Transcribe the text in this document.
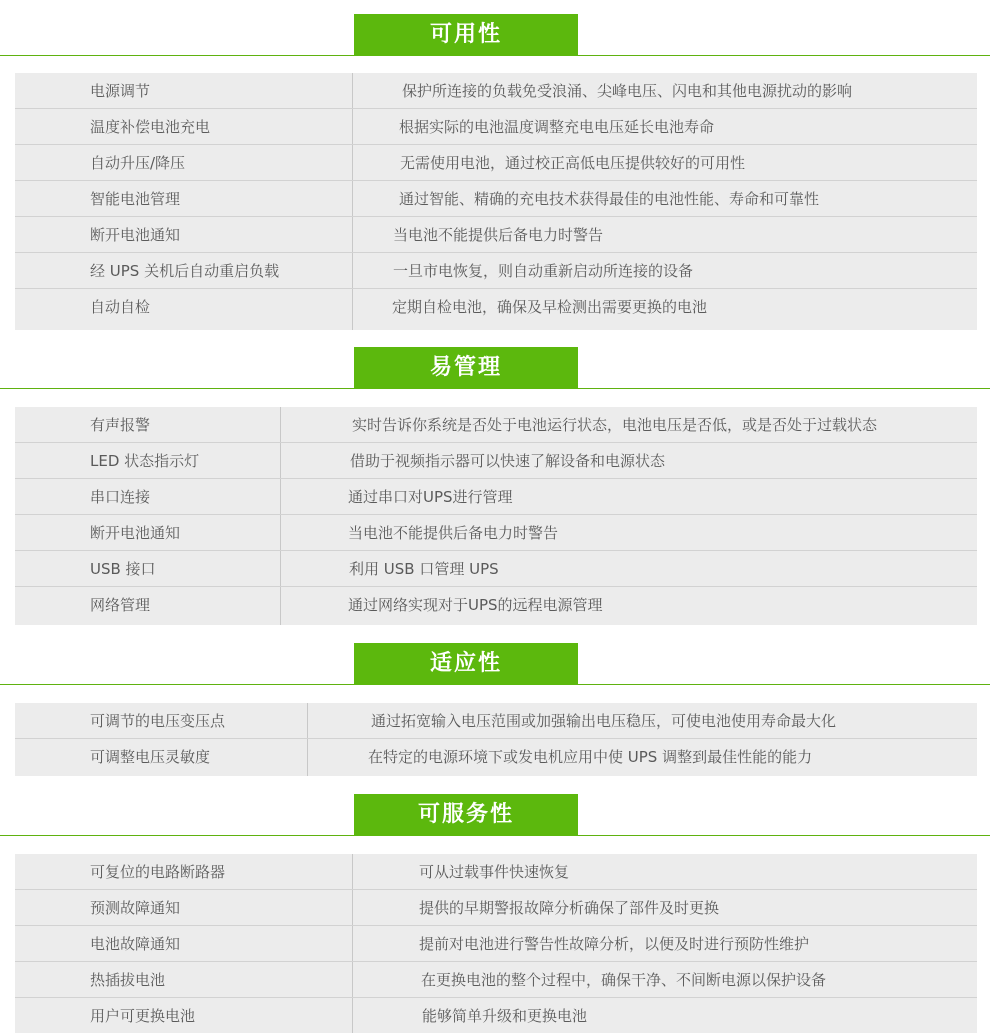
可用性
电源调节	保护所连接的负载免受浪涌、尖峰电压、闪电和其他电源扰动的影响
温度补偿电池充电	根据实际的电池温度调整充电电压延长电池寿命
自动升压/降压	无需使用电池，通过校正高低电压提供较好的可用性
智能电池管理	通过智能、精确的充电技术获得最佳的电池性能、寿命和可靠性
断开电池通知	当电池不能提供后备电力时警告
经 UPS 关机后自动重启负载	一旦市电恢复，则自动重新启动所连接的设备
自动自检	定期自检电池，确保及早检测出需要更换的电池
易管理
有声报警	实时告诉你系统是否处于电池运行状态，电池电压是否低，或是否处于过载状态
LED 状态指示灯	借助于视频指示器可以快速了解设备和电源状态
串口连接	通过串口对UPS进行管理
断开电池通知	当电池不能提供后备电力时警告
USB 接口	利用 USB 口管理 UPS
网络管理	通过网络实现对于UPS的远程电源管理
适应性
可调节的电压变压点	通过拓宽输入电压范围或加强输出电压稳压，可使电池使用寿命最大化
可调整电压灵敏度	在特定的电源环境下或发电机应用中使 UPS 调整到最佳性能的能力
可服务性
可复位的电路断路器	可从过载事件快速恢复
预测故障通知	提供的早期警报故障分析确保了部件及时更换
电池故障通知	提前对电池进行警告性故障分析，以便及时进行预防性维护
热插拔电池	在更换电池的整个过程中，确保干净、不间断电源以保护设备
用户可更换电池	能够简单升级和更换电池
